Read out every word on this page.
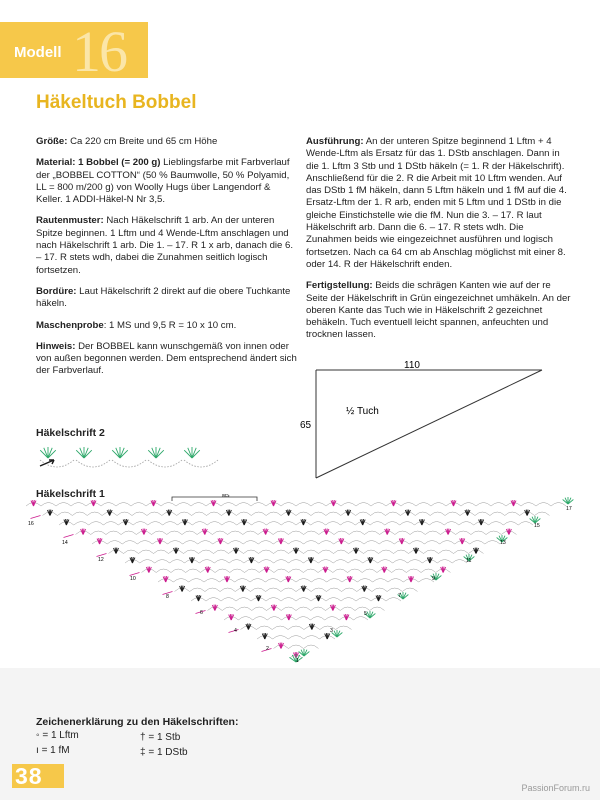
16
Modell
Häkeltuch Bobbel

Größe: Ca 220 cm Breite und 65 cm Höhe

Material: 1 Bobbel (= 200 g) Lieblingsfarbe mit Farbverlauf der „BOBBEL COTTON“ (50 % Baumwolle, 50 % Polyamid, LL = 800 m/200 g) von Woolly Hugs über Langendorf & Keller. 1 ADDI-Häkel-N Nr 3,5.

Rautenmuster: Nach Häkelschrift 1 arb. An der unteren Spitze beginnen. 1 Lftm und 4 Wende-Lftm anschlagen und nach Häkelschrift 1 arb. Die 1. – 17. R 1 x arb, danach die 6. – 17. R stets wdh, dabei die Zunahmen seitlich logisch fortsetzen.

Bordüre: Laut Häkelschrift 2 direkt auf die obere Tuchkante häkeln.

Maschenprobe: 1 MS und 9,5 R = 10 x 10 cm.

Hinweis: Der BOBBEL kann wunschgemäß von innen oder von außen begonnen werden. Dem entsprechend ändert sich der Farbverlauf.

Ausführung: An der unteren Spitze beginnend 1 Lftm + 4 Wende-Lftm als Ersatz für das 1. DStb anschlagen. Dann in die 1. Lftm 3 Stb und 1 DStb häkeln (= 1. R der Häkelschrift). Anschließend für die 2. R die Arbeit mit 10 Lftm wenden. Auf das DStb 1 fM häkeln, dann 5 Lftm häkeln und 1 fM auf die 4. Ersatz-Lftm der 1. R arb, enden mit 5 Lftm und 1 DStb in die gleiche Einstichstelle wie die fM. Nun die 3. – 17. R laut Häkelschrift arb. Dann die 6. – 17. R stets wdh. Die Zunahmen beids wie eingezeichnet ausführen und logisch fortsetzen. Nach ca 64 cm ab Anschlag möglichst mit einer 8. oder 14. R der Häkelschrift enden.

Fertigstellung: Beids die schrägen Kanten wie auf der re Seite der Häkelschrift in Grün eingezeichnet umhäkeln. An der oberen Kante das Tuch wie in Häkelschrift 2 gezeichnet behäkeln. Tuch eventuell leicht spannen, anfeuchten und trocknen lassen.

110
65
½ Tuch
Häkelschrift 2
Häkelschrift 1	MS
16
14
12
10
8
6
4
2
17
15
13
11
9
7
5
3
1
Zeichenerklärung zu den Häkelschriften:
◦ = 1 Lftm	† = 1 Stb
ı = 1 fM	‡ = 1 DStb
38	PassionForum.ru
